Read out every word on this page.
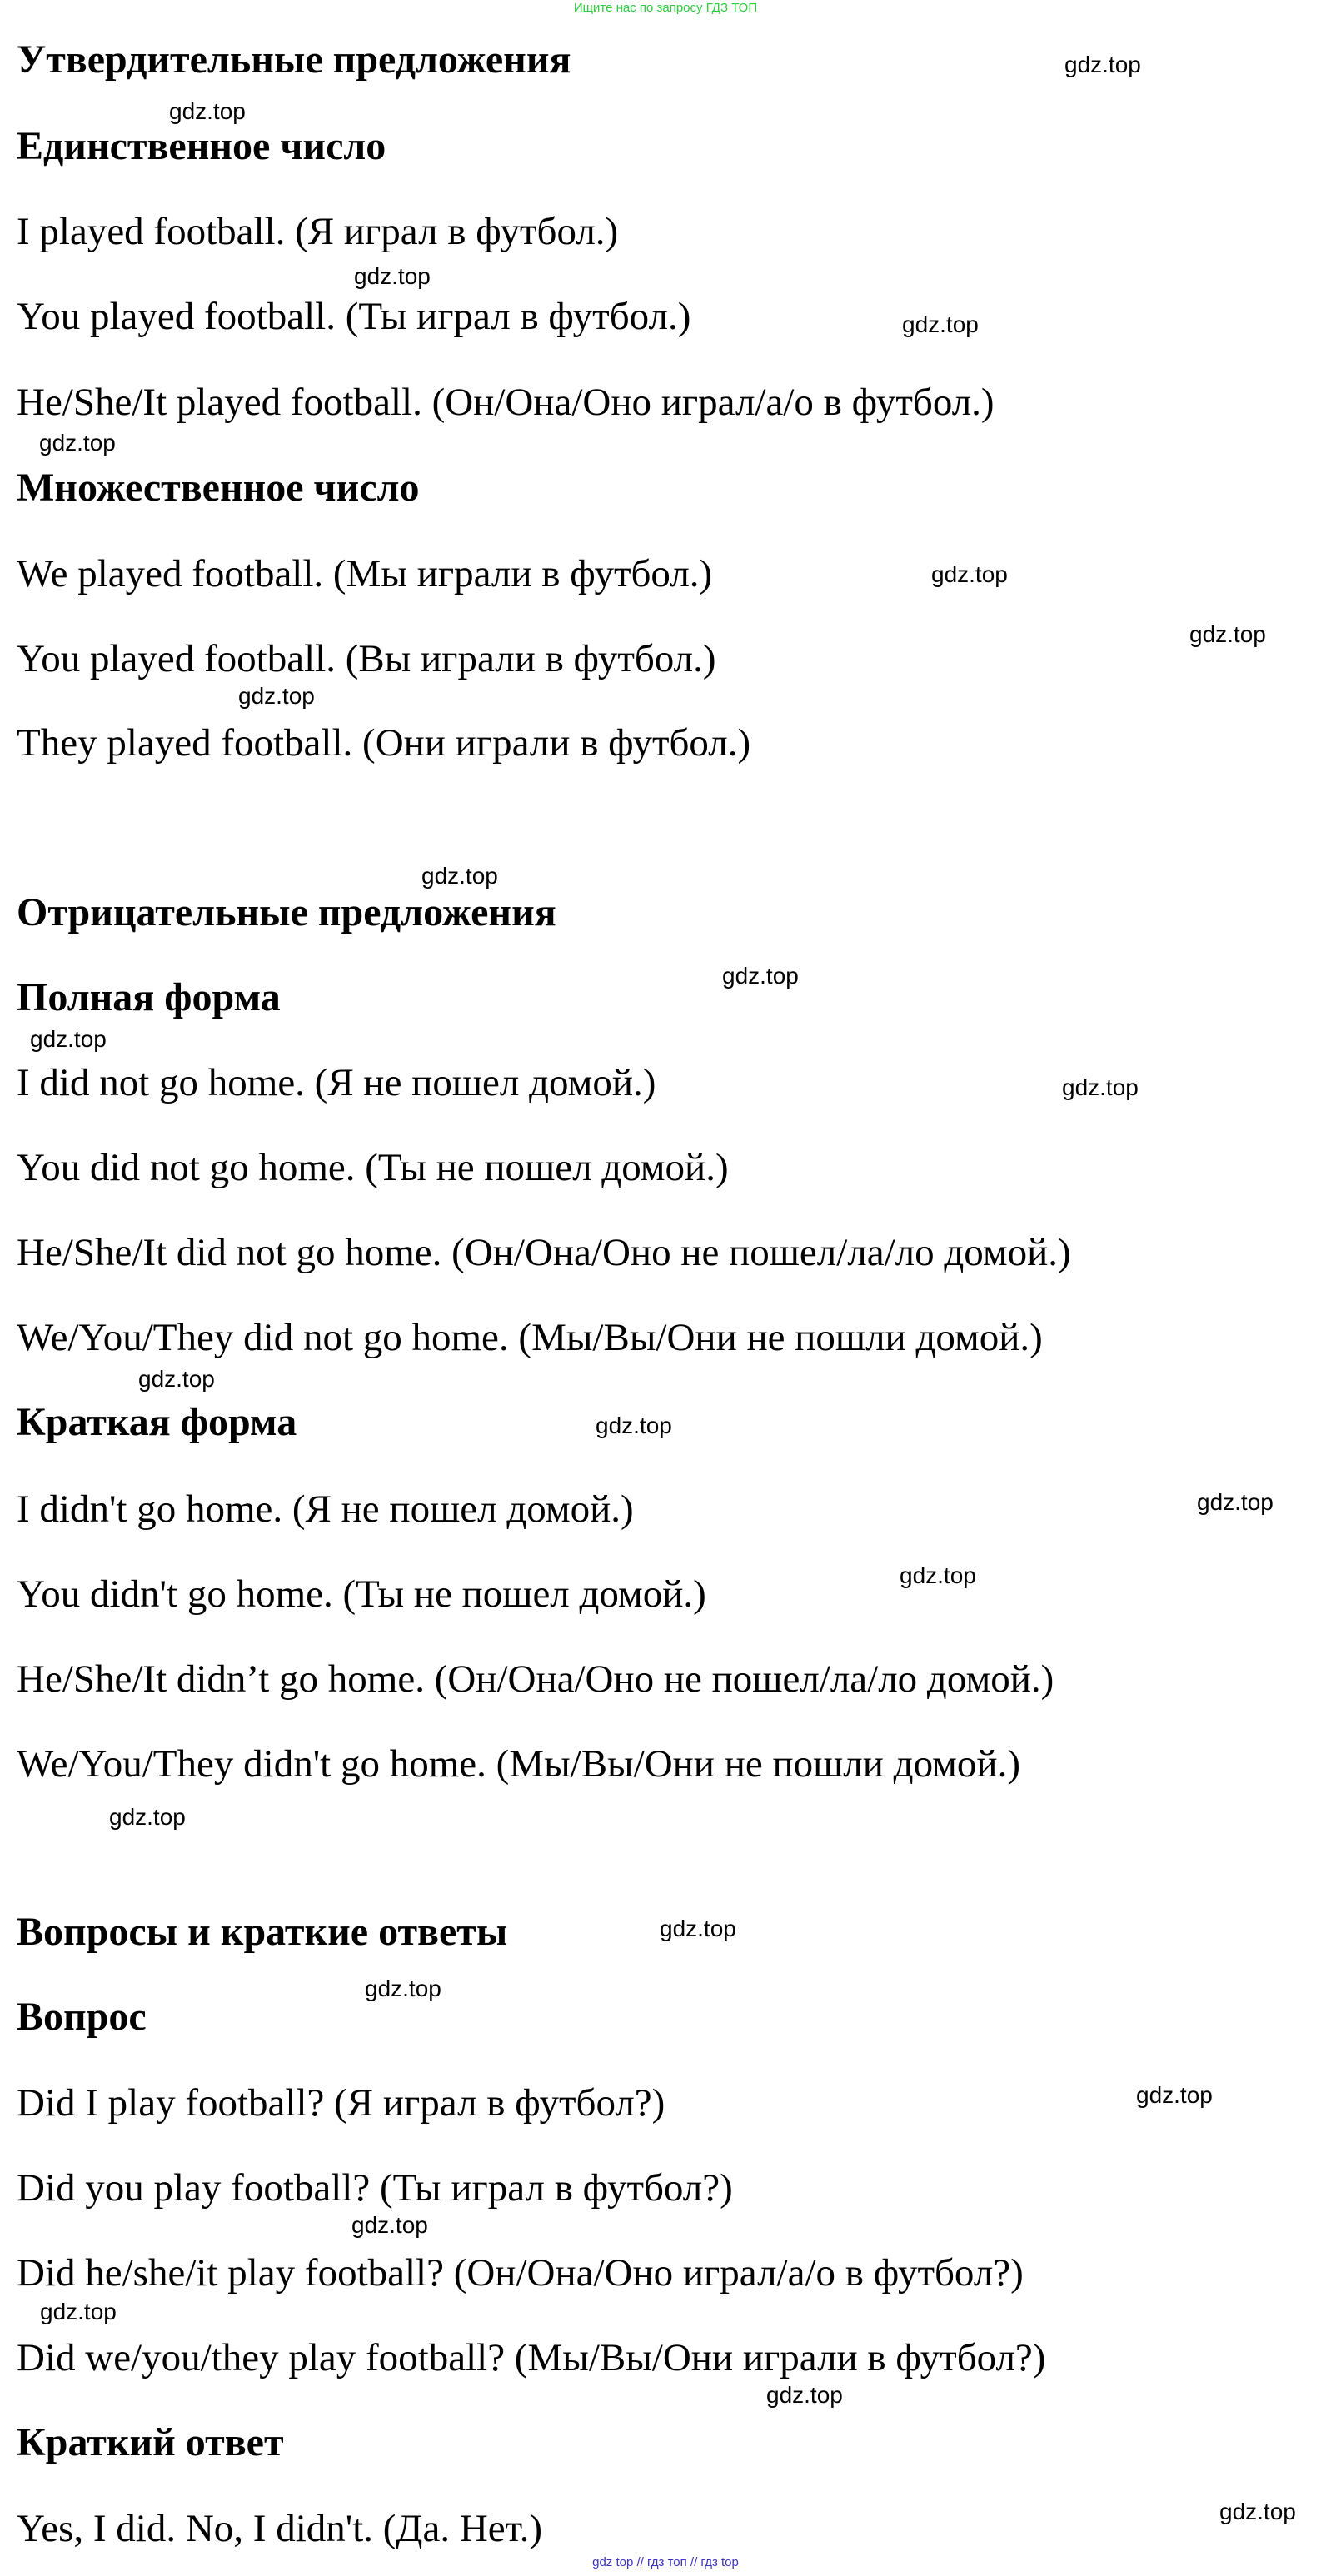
Ищите нас по запросу ГДЗ ТОП
Утвердительные предложения
Единственное число
I played football. (Я играл в футбол.)
You played football. (Ты играл в футбол.)
He/She/It played football. (Он/Она/Оно играл/а/о в футбол.)
Множественное число
We played football. (Мы играли в футбол.)
You played football. (Вы играли в футбол.)
They played football. (Они играли в футбол.)
Отрицательные предложения
Полная форма
I did not go home. (Я не пошел домой.)
You did not go home. (Ты не пошел домой.)
He/She/It did not go home. (Он/Она/Оно не пошел/ла/ло домой.)
We/You/They did not go home. (Мы/Вы/Они не пошли домой.)
Краткая форма
I didn't go home. (Я не пошел домой.)
You didn't go home. (Ты не пошел домой.)
He/She/It didn’t go home. (Он/Она/Оно не пошел/ла/ло домой.)
We/You/They didn't go home. (Мы/Вы/Они не пошли домой.)
Вопросы и краткие ответы
Вопрос
Did I play football? (Я играл в футбол?)
Did you play football? (Ты играл в футбол?)
Did he/she/it play football? (Он/Она/Оно играл/а/о в футбол?)
Did we/you/they play football? (Мы/Вы/Они играли в футбол?)
Краткий ответ
Yes, I did. No, I didn't. (Да. Нет.)
gdz.top
gdz.top
gdz.top
gdz.top
gdz.top
gdz.top
gdz.top
gdz.top
gdz.top
gdz.top
gdz.top
gdz.top
gdz.top
gdz.top
gdz.top
gdz.top
gdz.top
gdz.top
gdz.top
gdz.top
gdz.top
gdz.top
gdz.top
gdz.top
gdz top // гдз топ // гдз top
